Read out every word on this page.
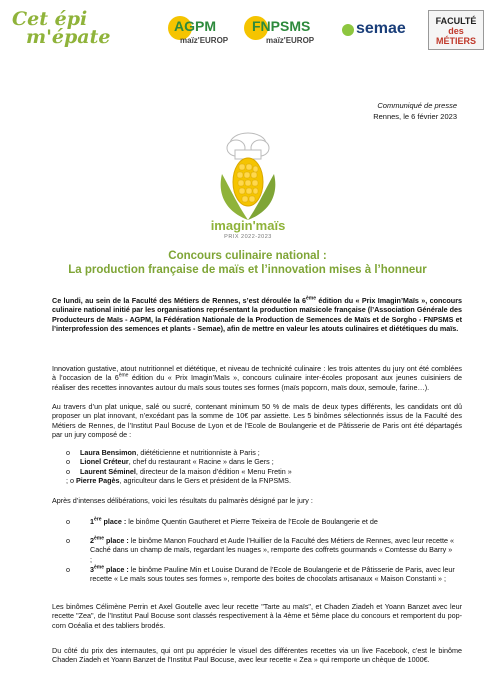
Cet épi
m'épate	AGPM
maïz'EUROP
FNPSMS
maïz'EUROP
semae	FACULTÉ
des MÉTIERS
Communiqué de presse
Rennes, le 6 février 2023
imagin'maïs
PRIX 2022-2023
Concours culinaire national :
La production française de maïs et l’innovation mises à l’honneur
Ce lundi, au sein de la Faculté des Métiers de Rennes, s’est déroulée la 6ème édition du « Prix Imagin’Maïs », concours culinaire national initié par les organisations représentant la production maïsicole française (l’Association Générale des Producteurs de Maïs - AGPM, la Fédération Nationale de la Production de Semences de Maïs et de Sorgho - FNPSMS et l’interprofession des semences et plants - Semae), afin de mettre en valeur les atouts culinaires et diététiques du maïs.
Innovation gustative, atout nutritionnel et diététique, et niveau de technicité culinaire : les trois attentes du jury ont été comblées à l’occasion de la 6ème édition du « Prix Imagin’Maïs », concours culinaire inter-écoles proposant aux jeunes cuisiniers de réaliser des recettes innovantes autour du maïs sous toutes ses formes (maïs popcorn, maïs doux, semoule, farine…).
Au travers d’un plat unique, salé ou sucré, contenant minimum 50 % de maïs de deux types différents, les candidats ont dû proposer un plat innovant, n’excédant pas la somme de 10€ par assiette. Les 5 binômes sélectionnés issus de la Faculté des Métiers de Rennes, de l’Institut Paul Bocuse de Lyon et de l’Ecole de Boulangerie et de Pâtisserie de Paris ont été départagés par un jury composé de :
o Laura Bensimon, diététicienne et nutritionniste à Paris ;
o Lionel Créteur, chef du restaurant « Racine » dans le Gers ;
o Laurent Séminel, directeur de la maison d’édition « Menu Fretin »
; o Pierre Pagès, agriculteur dans le Gers et président de la FNPSMS.
Après d’intenses délibérations, voici les résultats du palmarès désigné par le jury :
o	1ère place : le binôme Quentin Gautheret et Pierre Teixeira de l’Ecole de Boulangerie et de
o	2ème place : le binôme Manon Fouchard et Aude l’Huillier de la Faculté des Métiers de Rennes, avec leur recette « Caché dans un champ de maïs, regardant les nuages », remporte des coffrets gourmands « Comtesse du Barry » ;
o	3ème place : le binôme Pauline Min et Louise Durand de l’Ecole de Boulangerie et de Pâtisserie de Paris, avec leur recette « Le maïs sous toutes ses formes », remporte des boites de chocolats artisanaux « Maison Constanti » ;
Les binômes Célimène Perrin et Axel Goutelle avec leur recette "Tarte au maïs", et Chaden Ziadeh et Yoann Banzet avec leur recette "Zea", de l’Institut Paul Bocuse sont classés respectivement à la 4ème et 5ème place du concours et remportent du pop-corn Océalia et des tabliers brodés.
Du côté du prix des internautes, qui ont pu apprécier le visuel des différentes recettes via un live Facebook, c’est le binôme Chaden Ziadeh et Yoann Banzet de l’Institut Paul Bocuse, avec leur recette « Zea » qui remporte un chèque de 1000€.
